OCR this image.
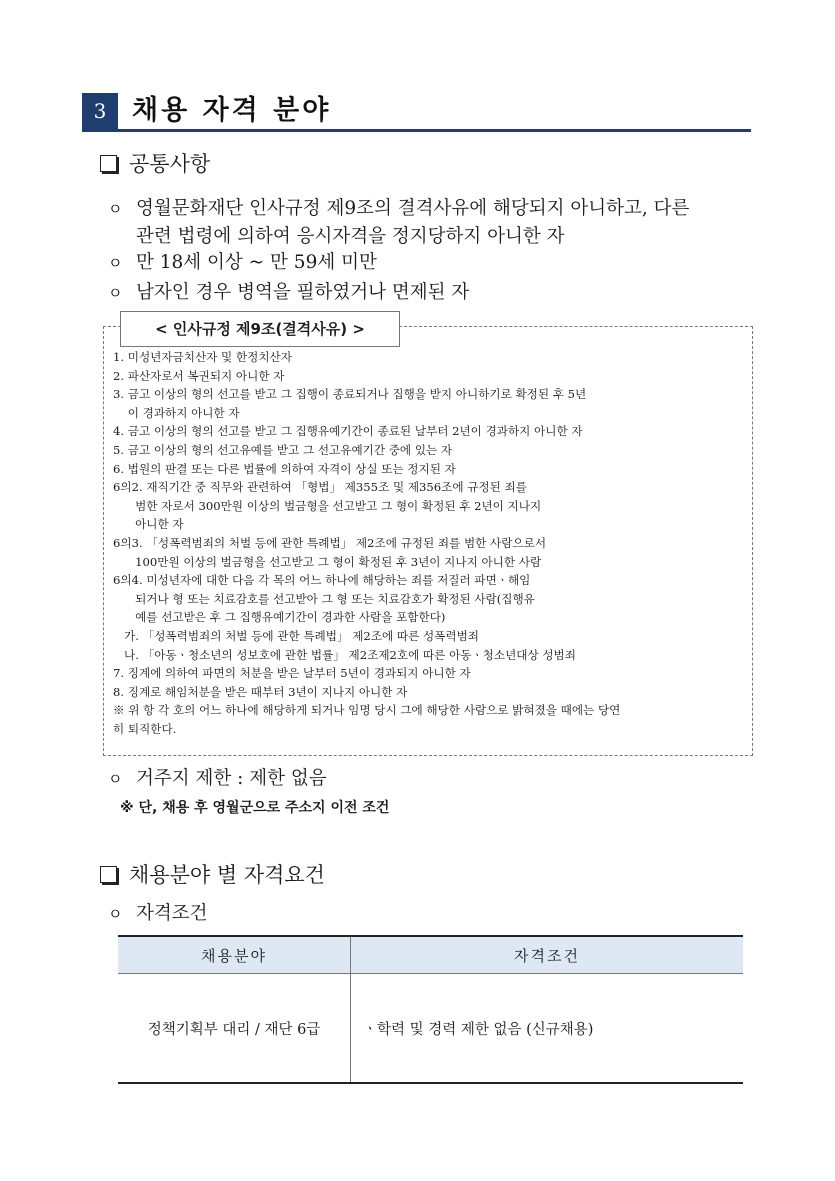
3 채용 자격 분야
공통사항
ㅇ 영월문화재단 인사규정 제9조의 결격사유에 해당되지 아니하고, 다른
관련 법령에 의하여 응시자격을 정지당하지 아니한 자
ㅇ 만 18세 이상 ~ 만 59세 미만
ㅇ 남자인 경우 병역을 필하였거나 면제된 자
< 인사규정 제9조(결격사유) >
1. 미성년자금치산자 및 한정치산자
2. 파산자로서 복권되지 아니한 자
3. 금고 이상의 형의 선고를 받고 그 집행이 종료되거나 집행을 받지 아니하기로 확정된 후 5년
이 경과하지 아니한 자
4. 금고 이상의 형의 선고를 받고 그 집행유예기간이 종료된 날부터 2년이 경과하지 아니한 자
5. 금고 이상의 형의 선고유예를 받고 그 선고유예기간 중에 있는 자
6. 법원의 판결 또는 다른 법률에 의하여 자격이 상실 또는 정지된 자
6의2. 재직기간 중 직무와 관련하여 「형법」 제355조 및 제356조에 규정된 죄를
범한 자로서 300만원 이상의 벌금형을 선고받고 그 형이 확정된 후 2년이 지나지
아니한 자
6의3. 「성폭력범죄의 처벌 등에 관한 특례법」 제2조에 규정된 죄를 범한 사람으로서
100만원 이상의 벌금형을 선고받고 그 형이 확정된 후 3년이 지나지 아니한 사람
6의4. 미성년자에 대한 다음 각 목의 어느 하나에 해당하는 죄를 저질러 파면ㆍ해임
되거나 형 또는 치료감호를 선고받아 그 형 또는 치료감호가 확정된 사람(집행유
예를 선고받은 후 그 집행유예기간이 경과한 사람을 포함한다)
가. 「성폭력범죄의 처벌 등에 관한 특례법」 제2조에 따른 성폭력범죄
나. 「아동ㆍ청소년의 성보호에 관한 법률」 제2조제2호에 따른 아동ㆍ청소년대상 성범죄
7. 징계에 의하여 파면의 처분을 받은 날부터 5년이 경과되지 아니한 자
8. 징계로 해임처분을 받은 때부터 3년이 지나지 아니한 자
※ 위 항 각 호의 어느 하나에 해당하게 되거나 임명 당시 그에 해당한 사람으로 밝혀졌을 때에는 당연
히 퇴직한다.
ㅇ 거주지 제한 : 제한 없음
※ 단, 채용 후 영월군으로 주소지 이전 조건
채용분야 별 자격요건
ㅇ 자격조건
채용분야	자격조건
정책기획부 대리 / 재단 6급	ㆍ학력 및 경력 제한 없음 (신규채용)
